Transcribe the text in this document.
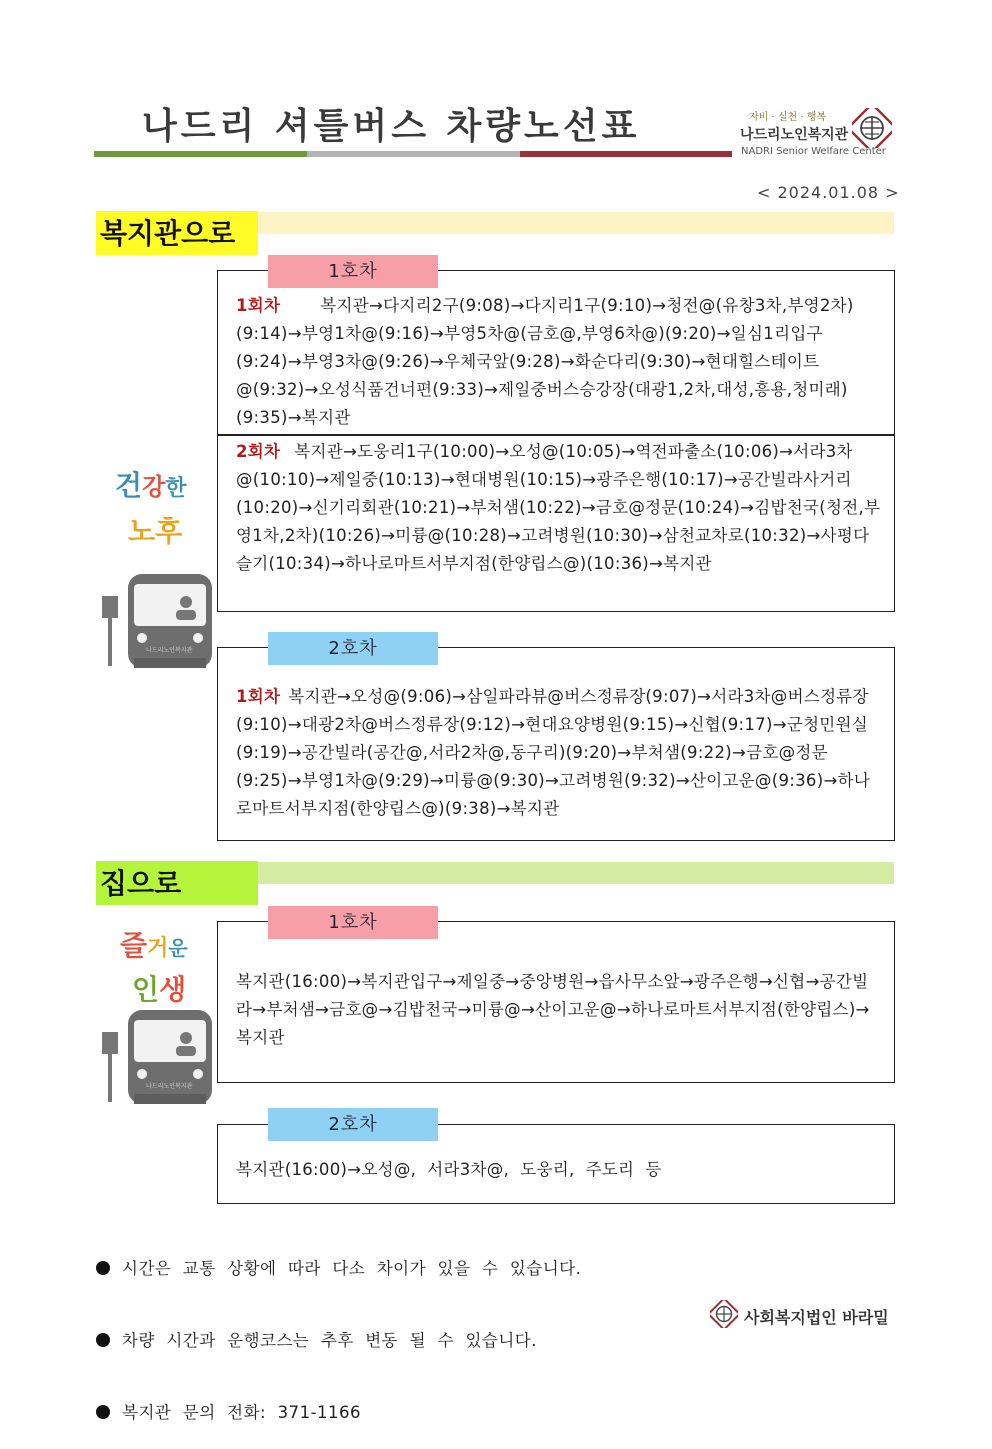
나드리 셔틀버스 차량노선표	자비 · 실천 · 행복
나드리노인복지관
NADRI Senior Welfare Center
< 2024.01.08 >
복지관으로
건강한
노후
나드리노인복지관
1호차
1회차 복지관→다지리2구(9:08)→다지리1구(9:10)→청전@(유창3차,부영2차)(9:14)→부영1차@(9:16)→부영5차@(금호@,부영6차@)(9:20)→일심1리입구(9:24)→부영3차@(9:26)→우체국앞(9:28)→화순다리(9:30)→현대힐스테이트@(9:32)→오성식품건너편(9:33)→제일중버스승강장(대광1,2차,대성,흥용,청미래)(9:35)→복지관
2회차 복지관→도웅리1구(10:00)→오성@(10:05)→역전파출소(10:06)→서라3차@(10:10)→제일중(10:13)→현대병원(10:15)→광주은행(10:17)→공간빌라사거리(10:20)→신기리회관(10:21)→부처샘(10:22)→금호@정문(10:24)→김밥천국(청전,부영1차,2차)(10:26)→미륭@(10:28)→고려병원(10:30)→삼천교차로(10:32)→사평다슬기(10:34)→하나로마트서부지점(한양립스@)(10:36)→복지관
2호차
1회차 복지관→오성@(9:06)→삼일파라뷰@버스정류장(9:07)→서라3차@버스정류장(9:10)→대광2차@버스정류장(9:12)→현대요양병원(9:15)→신협(9:17)→군청민원실(9:19)→공간빌라(공간@,서라2차@,동구리)(9:20)→부처샘(9:22)→금호@정문(9:25)→부영1차@(9:29)→미륭@(9:30)→고려병원(9:32)→산이고운@(9:36)→하나로마트서부지점(한양립스@)(9:38)→복지관
집으로
즐거운
인생
나드리노인복지관
1호차
복지관(16:00)→복지관입구→제일중→중앙병원→읍사무소앞→광주은행→신협→공간빌라→부처샘→금호@→김밥천국→미륭@→산이고운@→하나로마트서부지점(한양립스)→복지관
2호차
복지관(16:00)→오성@,  서라3차@,  도웅리,  주도리  등

시간은  교통  상황에  따라  다소  차이가  있을  수  있습니다.

차량  시간과  운행코스는  추후  변동  될  수  있습니다.

복지관  문의  전화:  371-1166

사회복지법인 바라밀
